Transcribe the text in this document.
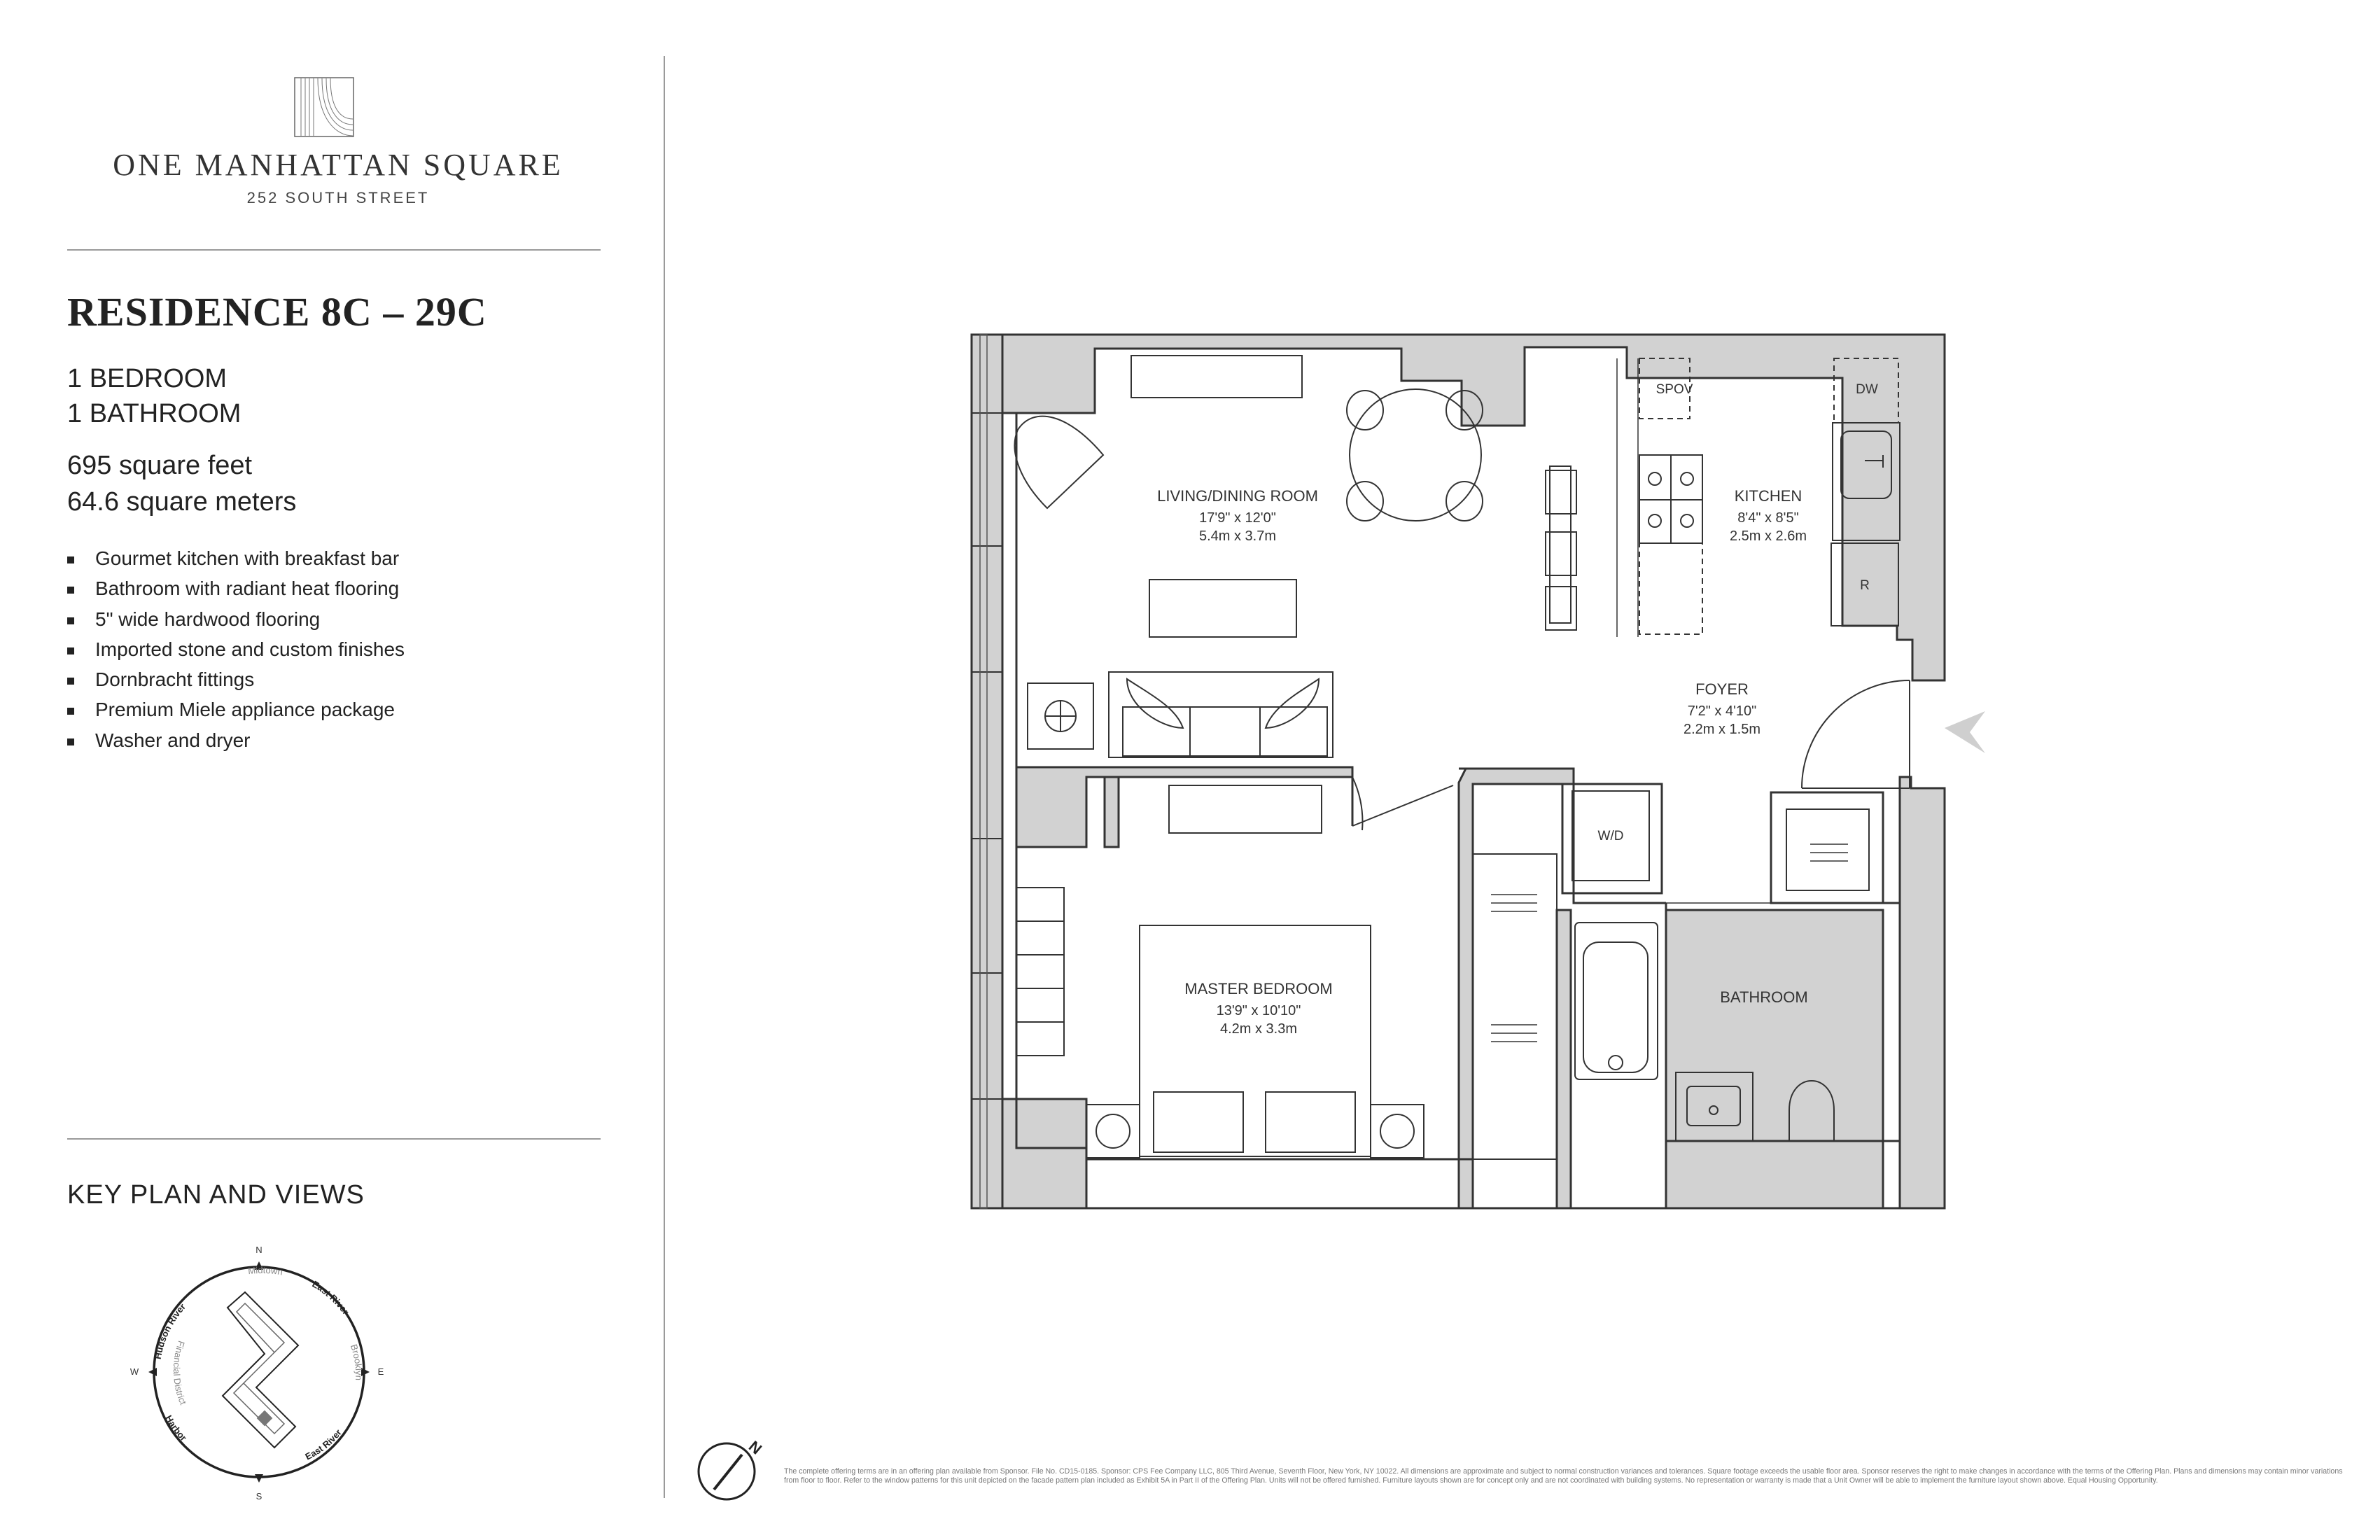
ONE MANHATTAN SQUARE
252 SOUTH STREET
RESIDENCE 8C – 29C
1 BEDROOM
1 BATHROOM
695 square feet
64.6 square meters
Gourmet kitchen with breakfast bar
Bathroom with radiant heat flooring
5" wide hardwood flooring
Imported stone and custom finishes
Dornbracht fittings
Premium Miele appliance package
Washer and dryer
KEY PLAN AND VIEWS
N
S
E
W
Hudson River
Midtown
East River
Brooklyn
East River
Harbor
Financial District
SPOV	DW
R
W/D
LIVING/DINING ROOM
17'9" x 12'0"
5.4m x 3.7m
KITCHEN
8'4" x 8'5"
2.5m x 2.6m
FOYER
7'2" x 4'10"
2.2m x 1.5m
MASTER BEDROOM
13'9" x 10'10"
4.2m x 3.3m
BATHROOM
N
The complete offering terms are in an offering plan available from Sponsor. File No. CD15-0185. Sponsor: CPS Fee Company LLC, 805 Third Avenue, Seventh Floor, New York, NY 10022. All dimensions are approximate and subject to normal construction variances and tolerances. Square footage exceeds the usable floor area. Sponsor reserves the right to make changes in accordance with the terms of the Offering Plan. Plans and dimensions may contain minor variations from floor to floor. Refer to the window patterns for this unit depicted on the facade pattern plan included as Exhibit 5A in Part II of the Offering Plan. Units will not be offered furnished. Furniture layouts shown are for concept only and are not coordinated with building systems. No representation or warranty is made that a Unit Owner will be able to implement the furniture layout shown above. Equal Housing Opportunity.
